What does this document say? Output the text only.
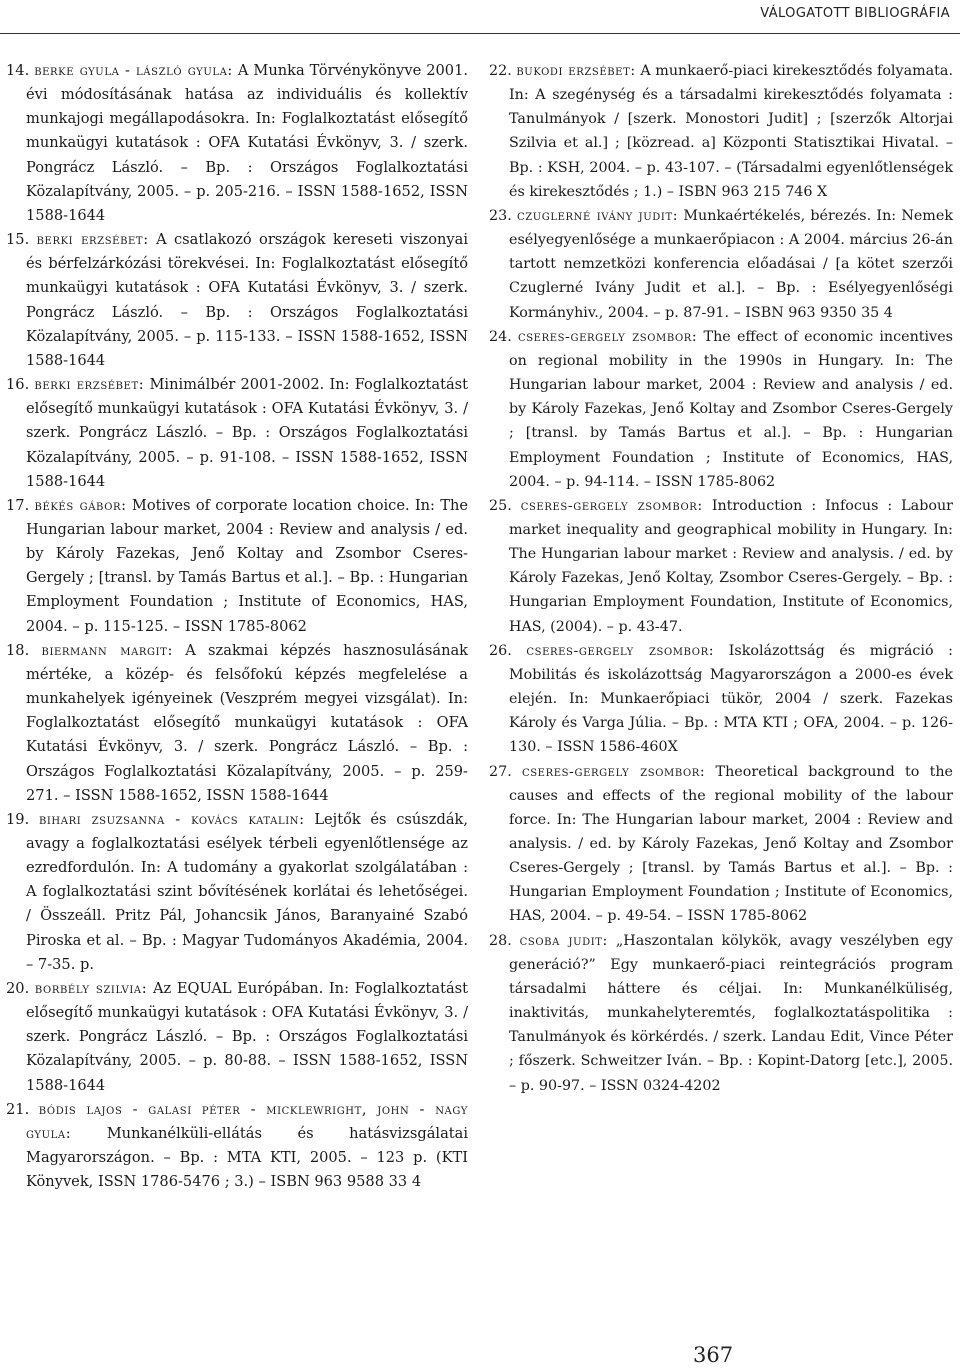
VÁLOGATOTT BIBLIOGRÁFIA

14. berke gyula - lászló gyula: A Munka Törvénykönyve 2001. évi módosításának hatása az individuális és kollektív munkajogi megállapodásokra. In: Foglalkoztatást elősegítő munkaügyi kutatások : OFA Kutatási Évkönyv, 3. / szerk. Pongrácz László. – Bp. : Országos Foglalkoztatási Közalapítvány, 2005. – p. 205-216. – ISSN 1588-1652, ISSN 1588-1644

15. berki erzsébet: A csatlakozó országok kereseti viszonyai és bérfelzárkózási törekvései. In: Foglalkoztatást elősegítő munkaügyi kutatások : OFA Kutatási Évkönyv, 3. / szerk. Pongrácz László. – Bp. : Országos Foglalkoztatási Közalapítvány, 2005. – p. 115-133. – ISSN 1588-1652, ISSN 1588-1644

16. berki erzsébet: Minimálbér 2001-2002. In: Foglalkoztatást elősegítő munkaügyi kutatások : OFA Kutatási Évkönyv, 3. / szerk. Pongrácz László. – Bp. : Országos Foglalkoztatási Közalapítvány, 2005. – p. 91-108. – ISSN 1588-1652, ISSN 1588-1644

17. békés gábor: Motives of corporate location choice. In: The Hungarian labour market, 2004 : Review and analysis / ed. by Károly Fazekas, Jenő Koltay and Zsombor Cseres-Gergely ; [transl. by Tamás Bartus et al.]. – Bp. : Hungarian Employment Foundation ; Institute of Economics, HAS, 2004. – p. 115-125. – ISSN 1785-8062

18. biermann margit: A szakmai képzés hasznosulásának mértéke, a közép- és felsőfokú képzés megfelelése a munkahelyek igényeinek (Veszprém megyei vizsgálat). In: Foglalkoztatást elősegítő munkaügyi kutatások : OFA Kutatási Évkönyv, 3. / szerk. Pongrácz László. – Bp. : Országos Foglalkoztatási Közalapítvány, 2005. – p. 259-271. – ISSN 1588-1652, ISSN 1588-1644

19. bihari zsuzsanna - kovács katalin: Lejtők és csúszdák, avagy a foglalkoztatási esélyek térbeli egyenlőtlensége az ezredfordulón. In: A tudomány a gyakorlat szolgálatában : A foglalkoztatási szint bővítésének korlátai és lehetőségei. / Összeáll. Pritz Pál, Johancsik János, Baranyainé Szabó Piroska et al. – Bp. : Magyar Tudományos Akadémia, 2004. – 7-35. p.

20. borbély szilvia: Az EQUAL Európában. In: Foglalkoztatást elősegítő munkaügyi kutatások : OFA Kutatási Évkönyv, 3. / szerk. Pongrácz László. – Bp. : Országos Foglalkoztatási Közalapítvány, 2005. – p. 80-88. – ISSN 1588-1652, ISSN 1588-1644

21. bódis lajos - galasi péter - micklewright, john - nagy gyula: Munkanélküli-ellátás és hatásvizsgálatai Magyarországon. – Bp. : MTA KTI, 2005. – 123 p. (KTI Könyvek, ISSN 1786-5476 ; 3.) – ISBN 963 9588 33 4

22. bukodi erzsébet: A munkaerő-piaci kirekesztődés folyamata. In: A szegénység és a társadalmi kirekesztődés folyamata : Tanulmányok / [szerk. Monostori Judit] ; [szerzők Altorjai Szilvia et al.] ; [közread. a] Központi Statisztikai Hivatal. – Bp. : KSH, 2004. – p. 43-107. – (Társadalmi egyenlőtlenségek és kirekesztődés ; 1.) – ISBN 963 215 746 X

23. czuglerné ivány judit: Munkaértékelés, bérezés. In: Nemek esélyegyenlősége a munkaerőpiacon : A 2004. március 26-án tartott nemzetközi konferencia előadásai / [a kötet szerzői Czuglerné Ivány Judit et al.]. – Bp. : Esélyegyenlőségi Kormányhiv., 2004. – p. 87-91. – ISBN 963 9350 35 4

24. cseres-gergely zsombor: The effect of economic incentives on regional mobility in the 1990s in Hungary. In: The Hungarian labour market, 2004 : Review and analysis / ed. by Károly Fazekas, Jenő Koltay and Zsombor Cseres-Gergely ; [transl. by Tamás Bartus et al.]. – Bp. : Hungarian Employment Foundation ; Institute of Economics, HAS, 2004. – p. 94-114. – ISSN 1785-8062

25. cseres-gergely zsombor: Introduction : Infocus : Labour market inequality and geographical mobility in Hungary. In: The Hungarian labour market : Review and analysis. / ed. by Károly Fazekas, Jenő Koltay, Zsombor Cseres-Gergely. – Bp. : Hungarian Employment Foundation, Institute of Economics, HAS, (2004). – p. 43-47.

26. cseres-gergely zsombor: Iskolázottság és migráció : Mobilitás és iskolázottság Magyarországon a 2000-es évek elején. In: Munkaerőpiaci tükör, 2004 / szerk. Fazekas Károly és Varga Júlia. – Bp. : MTA KTI ; OFA, 2004. – p. 126-130. – ISSN 1586-460X

27. cseres-gergely zsombor: Theoretical background to the causes and effects of the regional mobility of the labour force. In: The Hungarian labour market, 2004 : Review and analysis. / ed. by Károly Fazekas, Jenő Koltay and Zsombor Cseres-Gergely ; [transl. by Tamás Bartus et al.]. – Bp. : Hungarian Employment Foundation ; Institute of Economics, HAS, 2004. – p. 49-54. – ISSN 1785-8062

28. csoba judit: „Haszontalan kölykök, avagy veszélyben egy generáció?” Egy munkaerő-piaci reintegrációs program társadalmi háttere és céljai. In: Munkanélküliség, inaktivitás, munkahelyteremtés, foglalkoztatáspolitika : Tanulmányok és körkérdés. / szerk. Landau Edit, Vince Péter ; főszerk. Schweitzer Iván. – Bp. : Kopint-Datorg [etc.], 2005. – p. 90-97. – ISSN 0324-4202

367
